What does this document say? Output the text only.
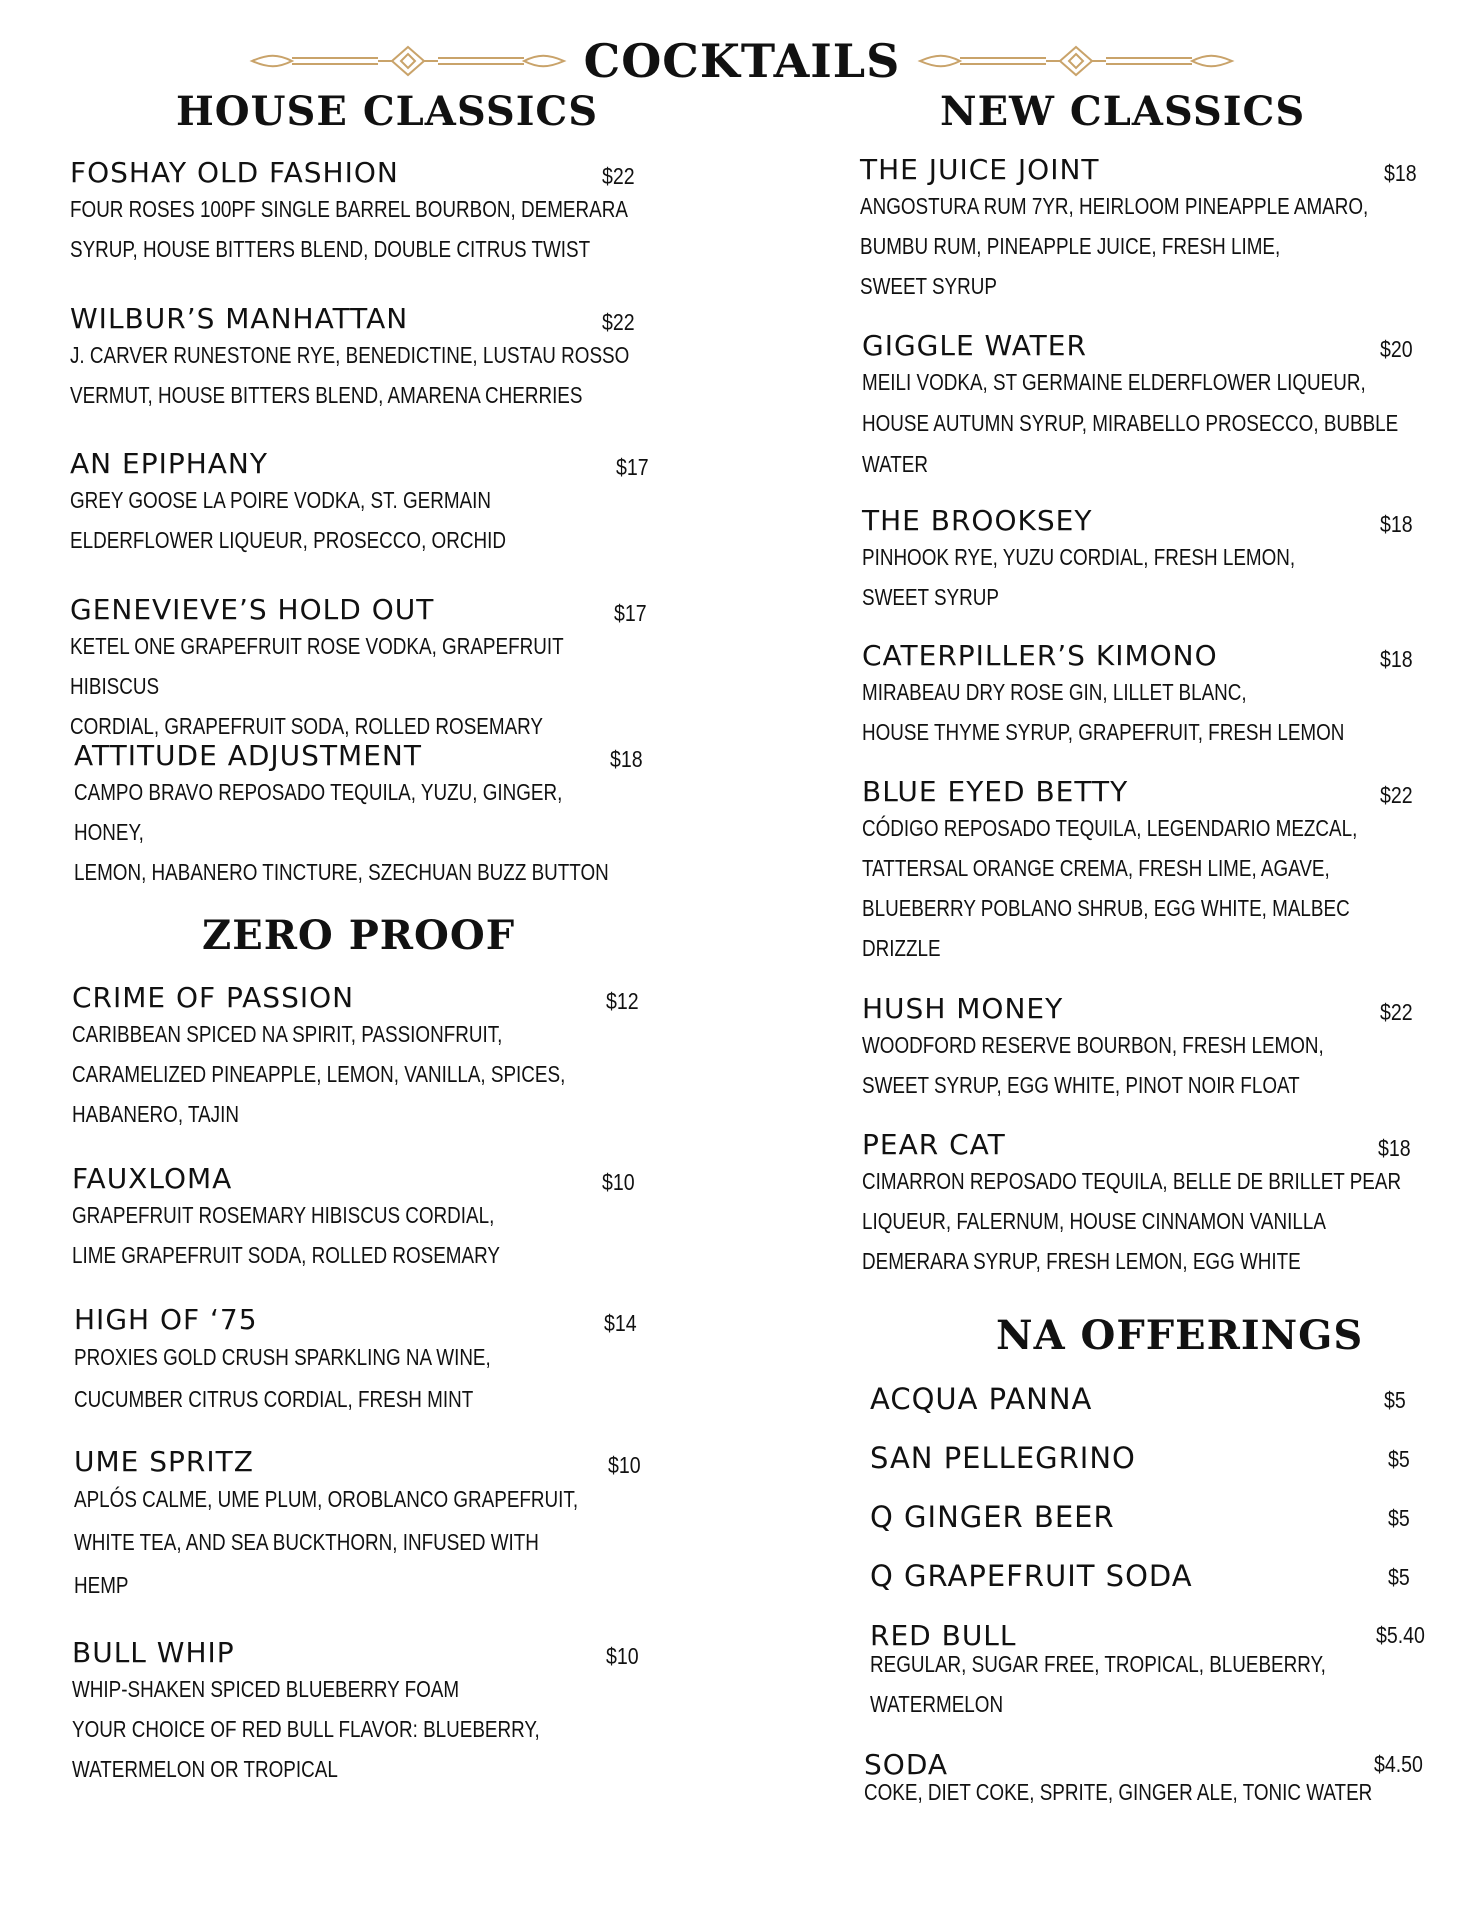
COCKTAILS
HOUSE CLASSICS
ZERO PROOF
NEW CLASSICS
NA OFFERINGS
FOSHAY OLD FASHION
FOUR ROSES 100PF SINGLE BARREL BOURBON, DEMERARA
SYRUP, HOUSE BITTERS BLEND, DOUBLE CITRUS TWIST
$22
WILBUR’S MANHATTAN
J. CARVER RUNESTONE RYE, BENEDICTINE, LUSTAU ROSSO
VERMUT, HOUSE BITTERS BLEND, AMARENA CHERRIES
$22
AN EPIPHANY
GREY GOOSE LA POIRE VODKA, ST. GERMAIN
ELDERFLOWER LIQUEUR, PROSECCO, ORCHID
$17
GENEVIEVE’S HOLD OUT
KETEL ONE GRAPEFRUIT ROSE VODKA, GRAPEFRUIT HIBISCUS
CORDIAL, GRAPEFRUIT SODA, ROLLED ROSEMARY
$17
ATTITUDE ADJUSTMENT
CAMPO BRAVO REPOSADO TEQUILA, YUZU, GINGER, HONEY,
LEMON, HABANERO TINCTURE, SZECHUAN BUZZ BUTTON
$18
CRIME OF PASSION
CARIBBEAN SPICED NA SPIRIT, PASSIONFRUIT,
CARAMELIZED PINEAPPLE, LEMON, VANILLA, SPICES,
HABANERO, TAJIN
$12
FAUXLOMA
GRAPEFRUIT ROSEMARY HIBISCUS CORDIAL,
LIME GRAPEFRUIT SODA, ROLLED ROSEMARY
$10
HIGH OF ‘75
PROXIES GOLD CRUSH SPARKLING NA WINE,
CUCUMBER CITRUS CORDIAL, FRESH MINT
$14
UME SPRITZ
APLÓS CALME, UME PLUM, OROBLANCO GRAPEFRUIT,
WHITE TEA, AND SEA BUCKTHORN, INFUSED WITH
HEMP
$10
BULL WHIP
WHIP-SHAKEN SPICED BLUEBERRY FOAM
YOUR CHOICE OF RED BULL FLAVOR: BLUEBERRY,
WATERMELON OR TROPICAL
$10
THE JUICE JOINT
ANGOSTURA RUM 7YR, HEIRLOOM PINEAPPLE AMARO,
BUMBU RUM, PINEAPPLE JUICE, FRESH LIME,
SWEET SYRUP
$18
GIGGLE WATER
MEILI VODKA, ST GERMAINE ELDERFLOWER LIQUEUR,
HOUSE AUTUMN SYRUP, MIRABELLO PROSECCO, BUBBLE
WATER
$20
THE BROOKSEY
PINHOOK RYE, YUZU CORDIAL, FRESH LEMON,
SWEET SYRUP
$18
CATERPILLER’S KIMONO
MIRABEAU DRY ROSE GIN, LILLET BLANC,
HOUSE THYME SYRUP, GRAPEFRUIT, FRESH LEMON
$18
BLUE EYED BETTY
CÓDIGO REPOSADO TEQUILA, LEGENDARIO MEZCAL,
TATTERSAL ORANGE CREMA, FRESH LIME, AGAVE,
BLUEBERRY POBLANO SHRUB, EGG WHITE, MALBEC
DRIZZLE
$22
HUSH MONEY
WOODFORD RESERVE BOURBON, FRESH LEMON,
SWEET SYRUP, EGG WHITE, PINOT NOIR FLOAT
$22
PEAR CAT
CIMARRON REPOSADO TEQUILA, BELLE DE BRILLET PEAR
LIQUEUR, FALERNUM, HOUSE CINNAMON VANILLA
DEMERARA SYRUP, FRESH LEMON, EGG WHITE
$18
ACQUA PANNA	$5
SAN PELLEGRINO	$5
Q GINGER BEER	$5
Q GRAPEFRUIT SODA	$5
RED BULL
REGULAR, SUGAR FREE, TROPICAL, BLUEBERRY,
WATERMELON
$5.40
SODA
COKE, DIET COKE, SPRITE, GINGER ALE, TONIC WATER
$4.50
